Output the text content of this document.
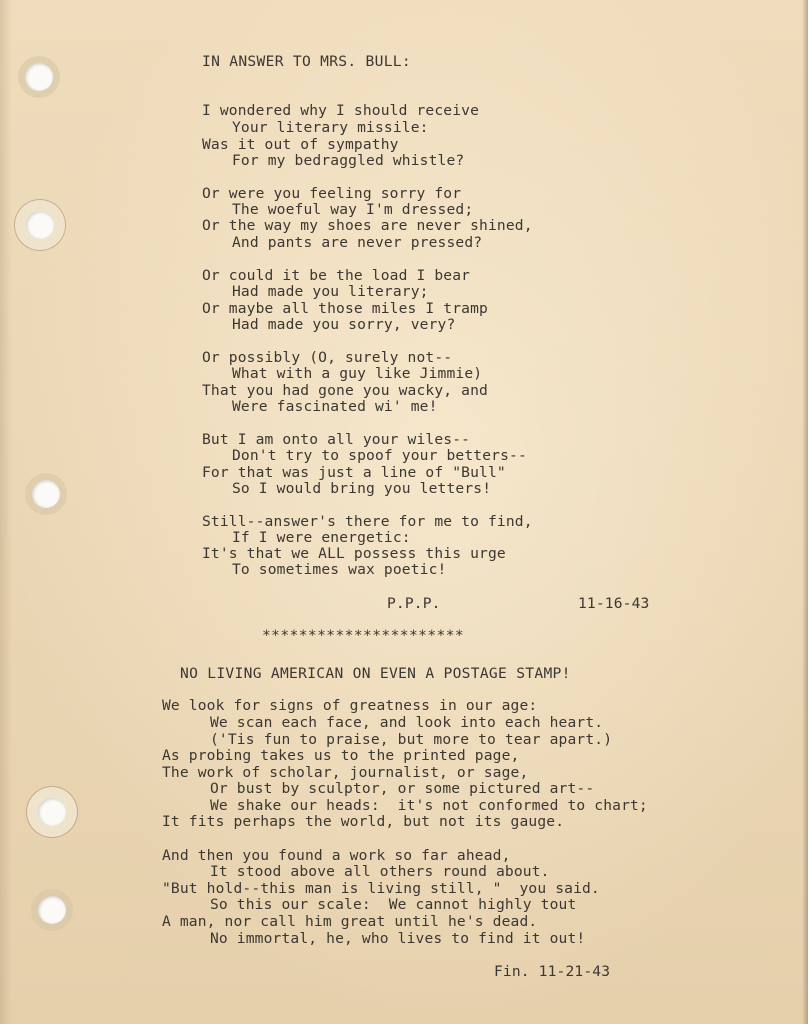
IN ANSWER TO MRS. BULL:
I wondered why I should receive
Your literary missile:
Was it out of sympathy
For my bedraggled whistle?
Or were you feeling sorry for
The woeful way I'm dressed;
Or the way my shoes are never shined,
And pants are never pressed?
Or could it be the load I bear
Had made you literary;
Or maybe all those miles I tramp
Had made you sorry, very?
Or possibly (O, surely not--
What with a guy like Jimmie)
That you had gone you wacky, and
Were fascinated wi' me!
But I am onto all your wiles--
Don't try to spoof your betters--
For that was just a line of "Bull"
So I would bring you letters!
Still--answer's there for me to find,
If I were energetic:
It's that we ALL possess this urge
To sometimes wax poetic!
P.P.P.	11-16-43
**********************
NO LIVING AMERICAN ON EVEN A POSTAGE STAMP!
We look for signs of greatness in our age:
We scan each face, and look into each heart.
('Tis fun to praise, but more to tear apart.)
As probing takes us to the printed page,
The work of scholar, journalist, or sage,
Or bust by sculptor, or some pictured art--
We shake our heads:  it's not conformed to chart;
It fits perhaps the world, but not its gauge.
And then you found a work so far ahead,
It stood above all others round about.
"But hold--this man is living still, "  you said.
So this our scale:  We cannot highly tout
A man, nor call him great until he's dead.
No immortal, he, who lives to find it out!
Fin. 11-21-43
